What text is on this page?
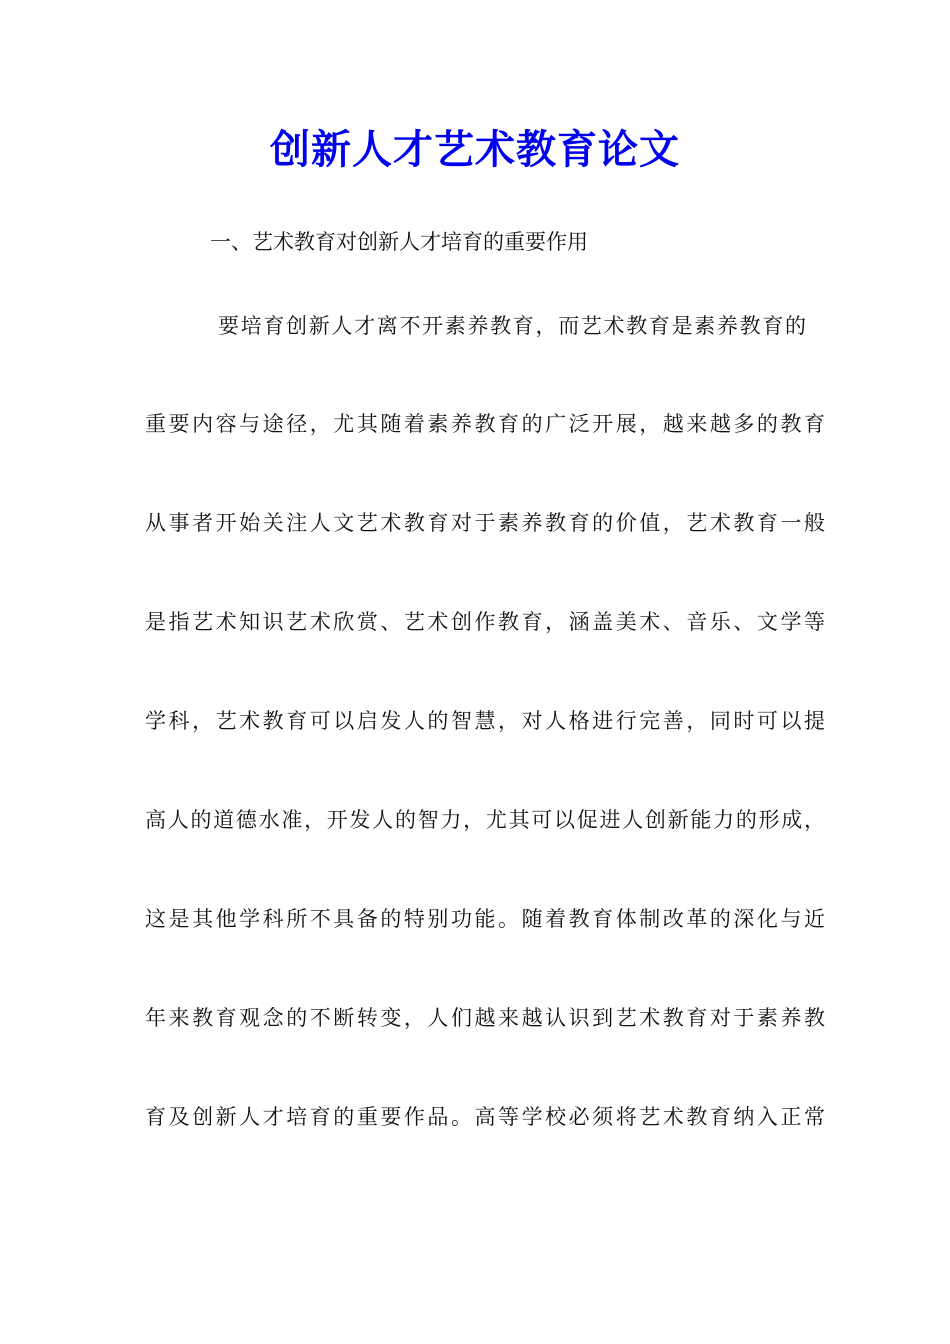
创新人才艺术教育论文
一、艺术教育对创新人才培育的重要作用
要培育创新人才离不开素养教育，而艺术教育是素养教育的
重要内容与途径，尤其随着素养教育的广泛开展，越来越多的教育
从事者开始关注人文艺术教育对于素养教育的价值，艺术教育一般
是指艺术知识艺术欣赏、艺术创作教育，涵盖美术、音乐、文学等
学科，艺术教育可以启发人的智慧，对人格进行完善，同时可以提
高人的道德水准，开发人的智力，尤其可以促进人创新能力的形成，
这是其他学科所不具备的特别功能。随着教育体制改革的深化与近
年来教育观念的不断转变，人们越来越认识到艺术教育对于素养教
育及创新人才培育的重要作品。高等学校必须将艺术教育纳入正常
